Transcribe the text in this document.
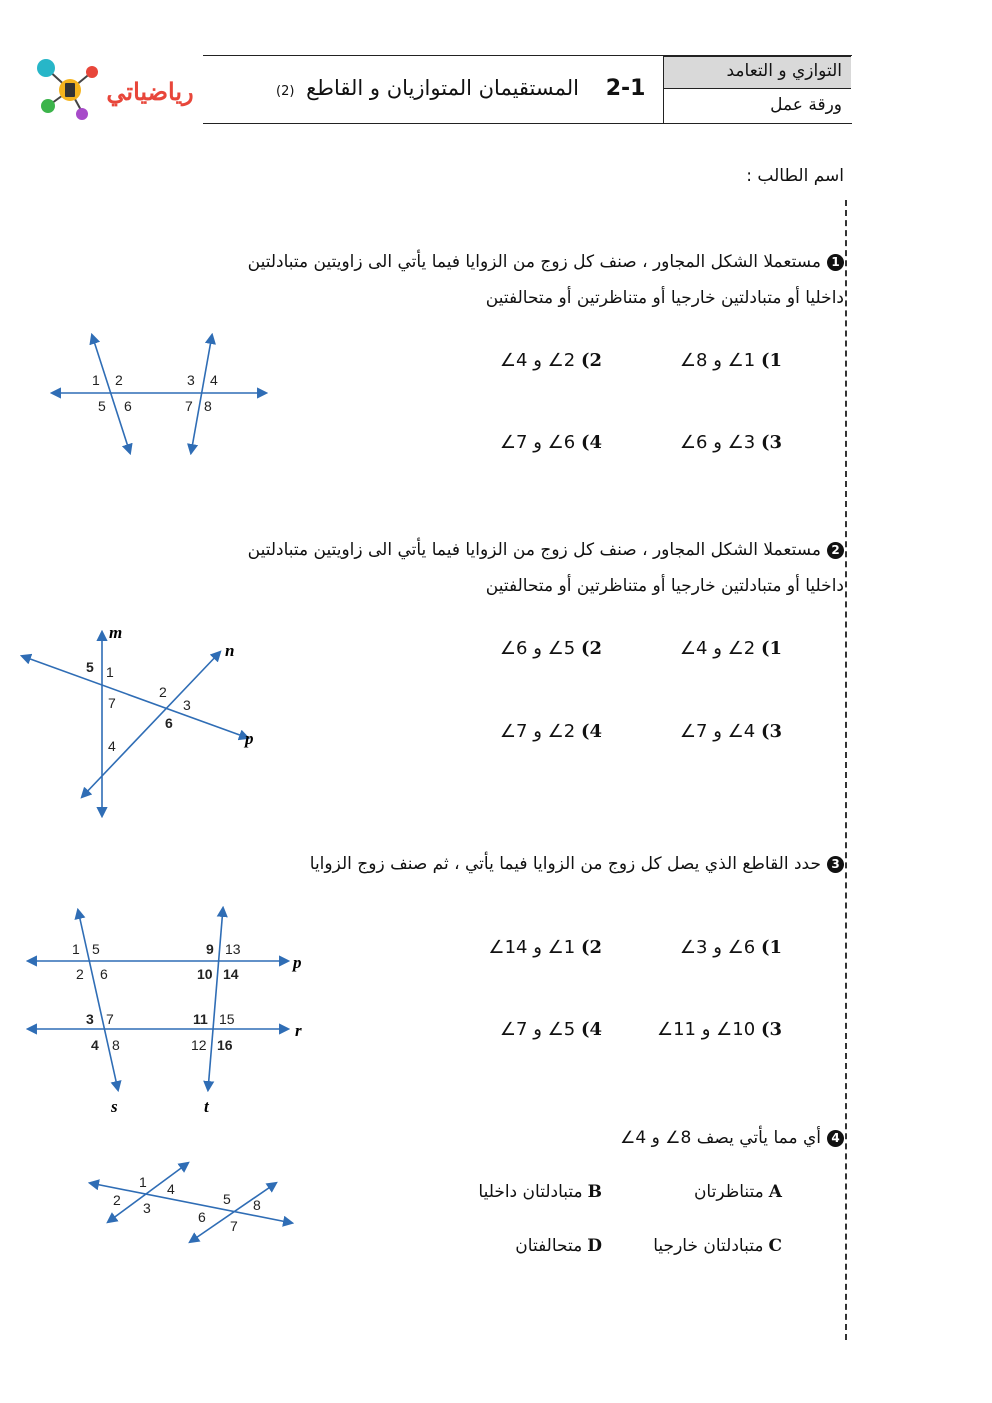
رياضياتي
التوازي و التعامد
ورقة عمل
(2) المستقيمان المتوازيان و القاطع 2-1
اسم الطالب :
1مستعملا الشكل المجاور ، صنف كل زوج من الزوايا فيما يأتي الى زاويتين متبادلتين
داخليا أو متبادلتين خارجيا أو متناظرتين أو متحالفتين
1) 1∠ و 8∠
2) 2∠ و 4∠
3) 3∠ و 6∠
4) 6∠ و 7∠
1 2	3 4
5 6	7 8
2مستعملا الشكل المجاور ، صنف كل زوج من الزوايا فيما يأتي الى زاويتين متبادلتين
داخليا أو متبادلتين خارجيا أو متناظرتين أو متحالفتين
1) 2∠ و 4∠
2) 5∠ و 6∠
3) 4∠ و 7∠
4) 2∠ و 7∠
m
n
p
1
2
3
4
5
6
7
3حدد القاطع الذي يصل كل زوج من الزوايا فيما يأتي ، ثم صنف زوج الزوايا
1) 6∠ و 3∠
2) 1∠ و 14∠
3) 10∠ و 11∠
4) 5∠ و 7∠
p
r
s	t
1
2
3
4
5
6
7
8
9
10
11
12
13
14
15
16
4أي مما يأتي يصف 8∠ و 4∠
Aمتناظرتان
Bمتبادلتان داخليا
Cمتبادلتان خارجيا
Dمتحالفتان
1
2 3
4
5
6
7
8
